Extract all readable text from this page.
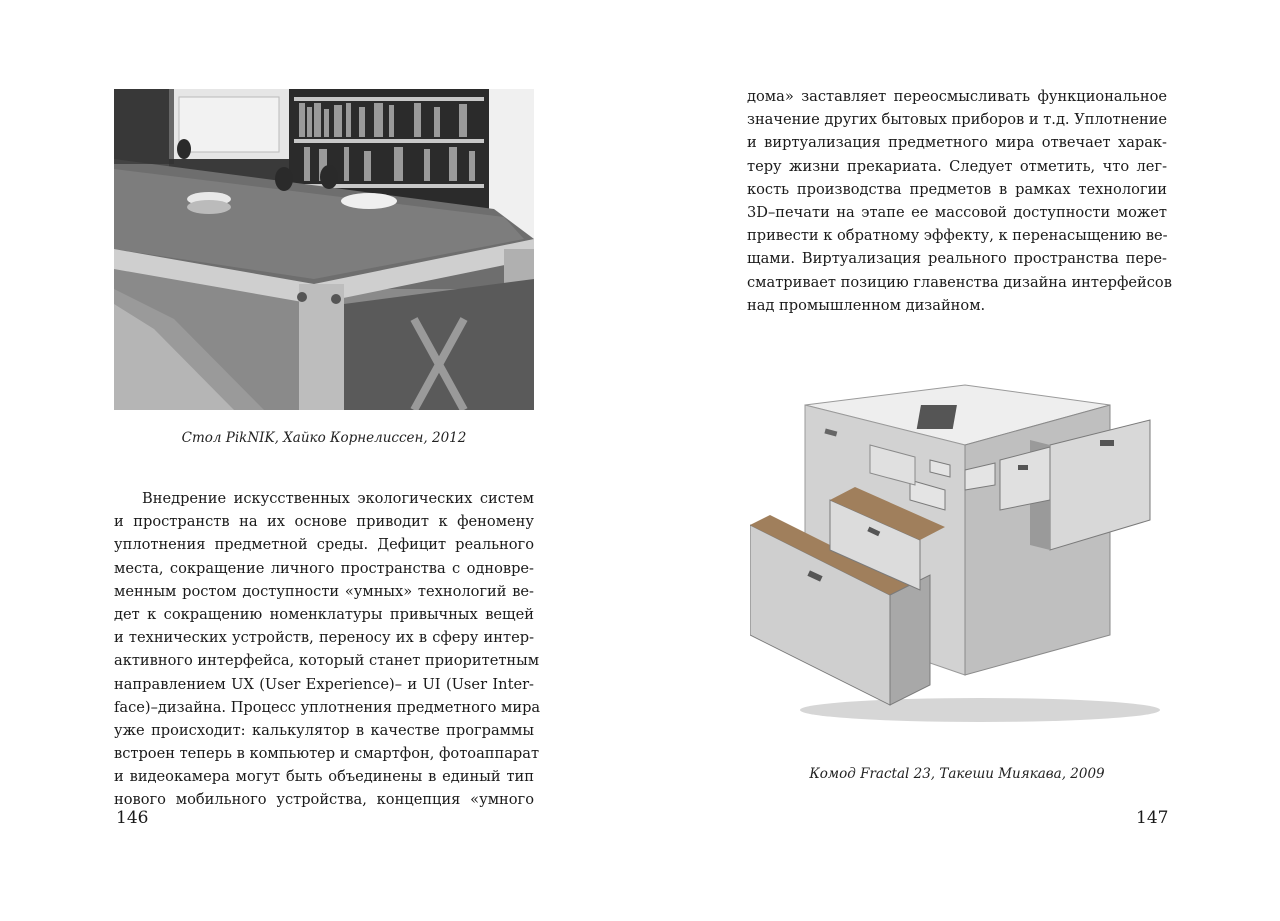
Стол PikNIK, Хайко Корнелиссен, 2012
Внедрение искусственных экологических систем
и пространств на их основе приводит к феномену
уплотнения предметной среды. Дефицит реального
места, сокращение личного пространства с одновре-
менным ростом доступности «умных» технологий ве-
дет к сокращению номенклатуры привычных вещей
и технических устройств, переносу их в сферу интер-
активного интерфейса, который станет приоритетным
направлением UX (User Experience)– и UI (User Inter-
face)–дизайна. Процесс уплотнения предметного мира
уже происходит: калькулятор в качестве программы
встроен теперь в компьютер и смартфон, фотоаппарат
и видеокамера могут быть объединены в единый тип
нового мобильного устройства, концепция «умного
146
дома» заставляет переосмысливать функциональное
значение других бытовых приборов и т.д. Уплотнение
и виртуализация предметного мира отвечает харак-
теру жизни прекариата. Следует отметить, что лег-
кость производства предметов в рамках технологии
3D–печати на этапе ее массовой доступности может
привести к обратному эффекту, к перенасыщению ве-
щами. Виртуализация реального пространства пере-
сматривает позицию главенства дизайна интерфейсов
над промышленном дизайном.
Комод Fractal 23, Такеши Миякава, 2009
147
